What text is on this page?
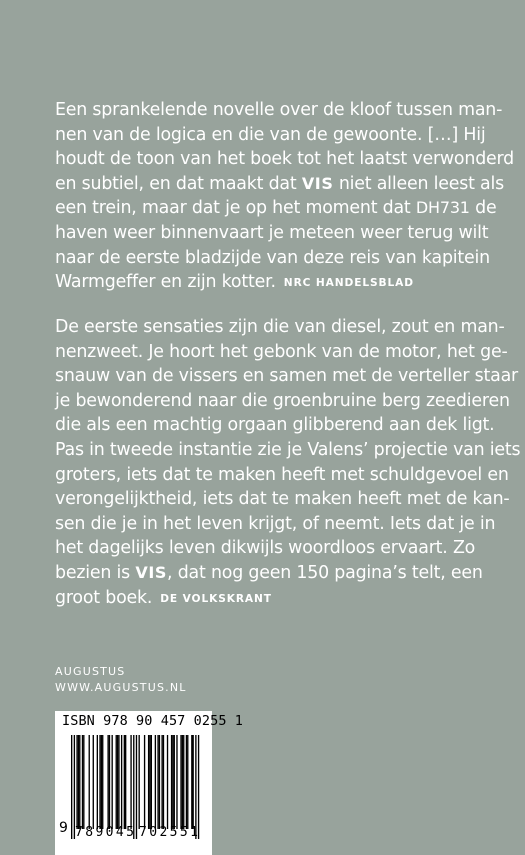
Een sprankelende novelle over de kloof tussen man-
nen van de logica en die van de gewoonte. […] Hij
houdt de toon van het boek tot het laatst verwonderd
en subtiel, en dat maakt dat VIS niet alleen leest als
een trein, maar dat je op het moment dat DH731 de
haven weer binnenvaart je meteen weer terug wilt
naar de eerste bladzijde van deze reis van kapitein
Warmgeffer en zijn kotter. NRC HANDELSBLAD
De eerste sensaties zijn die van diesel, zout en man-
nenzweet. Je hoort het gebonk van de motor, het ge-
snauw van de vissers en samen met de verteller staar
je bewonderend naar die groenbruine berg zeedieren
die als een machtig orgaan glibberend aan dek ligt.
Pas in tweede instantie zie je Valens’ projectie van iets
groters, iets dat te maken heeft met schuldgevoel en
verongelijktheid, iets dat te maken heeft met de kan-
sen die je in het leven krijgt, of neemt. Iets dat je in
het dagelijks leven dikwijls woordloos ervaart. Zo
bezien is VIS, dat nog geen 150 pagina’s telt, een
groot boek. DE VOLKSKRANT
AUGUSTUS
WWW.AUGUSTUS.NL
ISBN 978 90 457 0255 1
9 789045 702551
